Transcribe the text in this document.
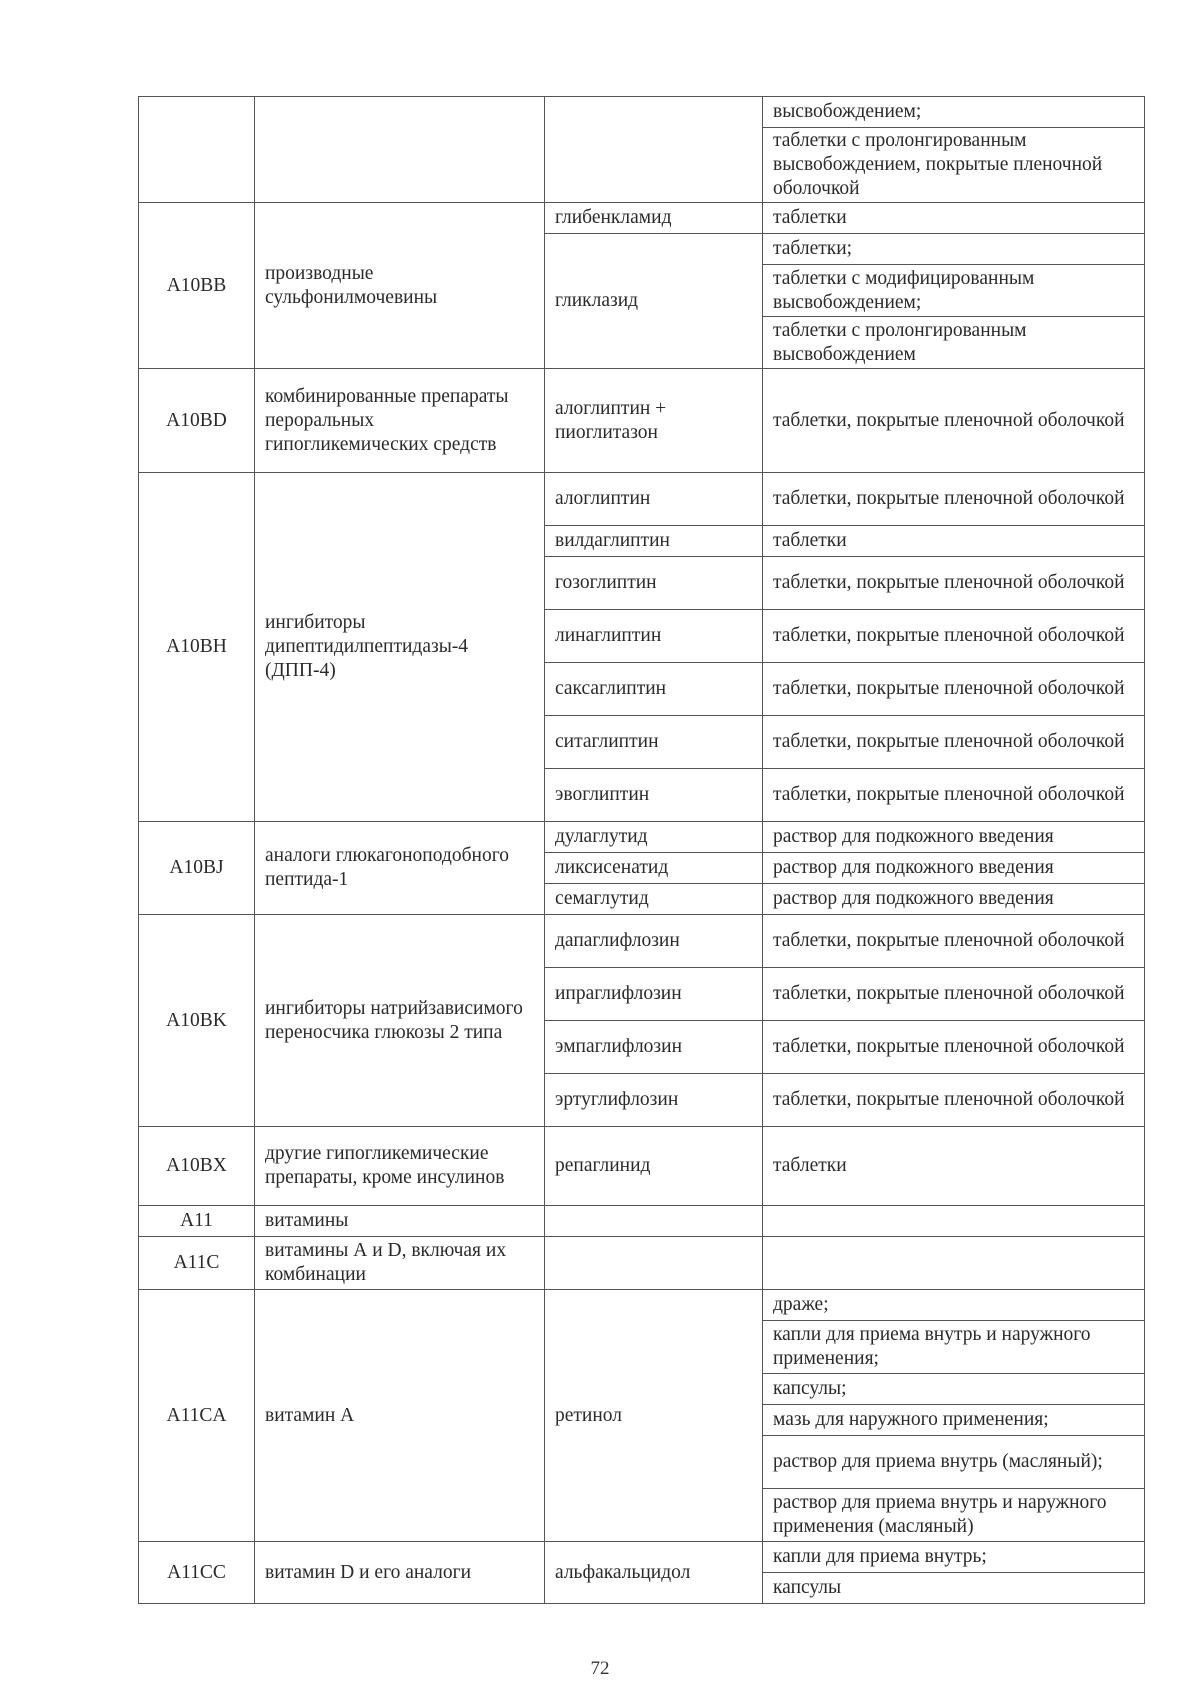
			высвобождением;
			таблетки с пролонгированным высвобождением, покрытые пленочной оболочкой
A10BB	производные сульфонилмочевины	глибенкламид	таблетки
		гликлазид	таблетки;
			таблетки с модифицированным высвобождением;
			таблетки с пролонгированным высвобождением
A10BD	комбинированные препараты пероральных гипогликемических средств	алоглиптин + пиоглитазон	таблетки, покрытые пленочной оболочкой
A10BH	ингибиторы дипептидилпептидазы-4 (ДПП-4)	алоглиптин	таблетки, покрытые пленочной оболочкой
		вилдаглиптин	таблетки
		гозоглиптин	таблетки, покрытые пленочной оболочкой
		линаглиптин	таблетки, покрытые пленочной оболочкой
		саксаглиптин	таблетки, покрытые пленочной оболочкой
		ситаглиптин	таблетки, покрытые пленочной оболочкой
		эвоглиптин	таблетки, покрытые пленочной оболочкой
A10BJ	аналоги глюкагоноподобного пептида-1	дулаглутид	раствор для подкожного введения
		ликсисенатид	раствор для подкожного введения
		семаглутид	раствор для подкожного введения
A10BK	ингибиторы натрийзависимого переносчика глюкозы 2 типа	дапаглифлозин	таблетки, покрытые пленочной оболочкой
		ипраглифлозин	таблетки, покрытые пленочной оболочкой
		эмпаглифлозин	таблетки, покрытые пленочной оболочкой
		эртуглифлозин	таблетки, покрытые пленочной оболочкой
A10BX	другие гипогликемические препараты, кроме инсулинов	репаглинид	таблетки
A11	витамины		
A11C	витамины А и D, включая их комбинации		
A11CA	витамин А	ретинол	драже;
			капли для приема внутрь и наружного применения;
			капсулы;
			мазь для наружного применения;
			раствор для приема внутрь (масляный);
			раствор для приема внутрь и наружного применения (масляный)
A11CC	витамин D и его аналоги	альфакальцидол	капли для приема внутрь;
			капсулы
72
